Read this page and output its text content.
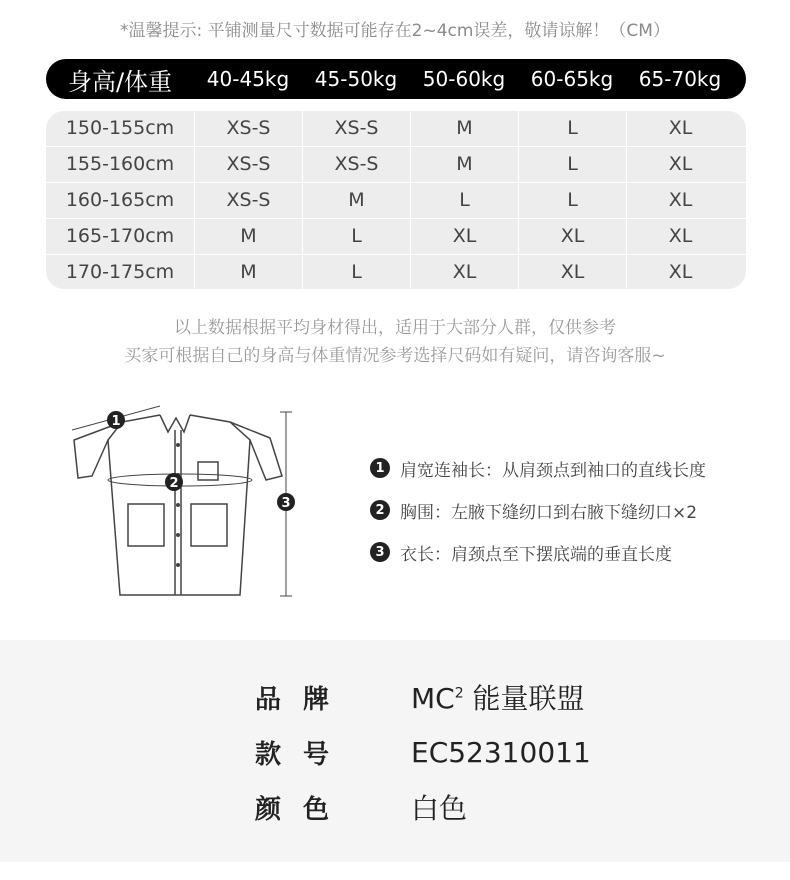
*温馨提示: 平铺测量尺寸数据可能存在2~4cm误差，敬请谅解！（CM）
身高/体重	40-45kg	45-50kg	50-60kg	60-65kg	65-70kg
150-155cm	XS-S	XS-S	M	L	XL
155-160cm	XS-S	XS-S	M	L	XL
160-165cm	XS-S	M	L	L	XL
165-170cm	M	L	XL	XL	XL
170-175cm	M	L	XL	XL	XL
以上数据根据平均身材得出，适用于大部分人群，仅供参考
买家可根据自己的身高与体重情况参考选择尺码如有疑问，请咨询客服~
1
2
3
1 肩宽连袖长：从肩颈点到袖口的直线长度
2 胸围：左腋下缝纫口到右腋下缝纫口×2
3 衣长：肩颈点至下摆底端的垂直长度
品牌	$MC^2$ 能量联盟
款号	EC52310011
颜色	白色
